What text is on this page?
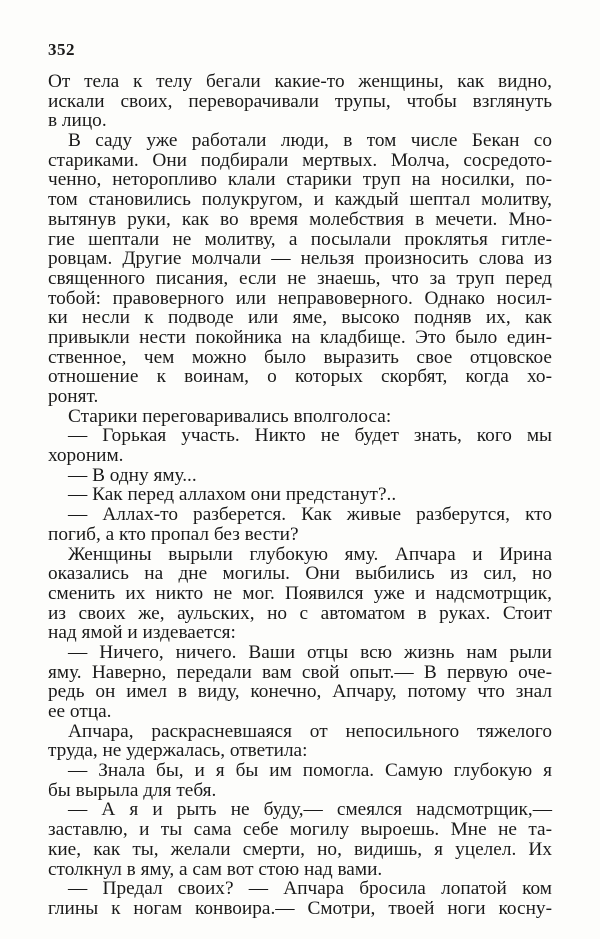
352
От тела к телу бегали какие-то женщины, как видно,
искали своих, переворачивали трупы, чтобы взглянуть
в лицо.
В саду уже работали люди, в том числе Бекан со
стариками. Они подбирали мертвых. Молча, сосредото-
ченно, неторопливо клали старики труп на носилки, по-
том становились полукругом, и каждый шептал молитву,
вытянув руки, как во время молебствия в мечети. Мно-
гие шептали не молитву, а посылали проклятья гитле-
ровцам. Другие молчали — нельзя произносить слова из
священного писания, если не знаешь, что за труп перед
тобой: правоверного или неправоверного. Однако носил-
ки несли к подводе или яме, высоко подняв их, как
привыкли нести покойника на кладбище. Это было един-
ственное, чем можно было выразить свое отцовское
отношение к воинам, о которых скорбят, когда хо-
ронят.
Старики переговаривались вполголоса:
— Горькая участь. Никто не будет знать, кого мы
хороним.
— В одну яму...
— Как перед аллахом они предстанут?..
— Аллах-то разберется. Как живые разберутся, кто
погиб, а кто пропал без вести?
Женщины вырыли глубокую яму. Апчара и Ирина
оказались на дне могилы. Они выбились из сил, но
сменить их никто не мог. Появился уже и надсмотрщик,
из своих же, аульских, но с автоматом в руках. Стоит
над ямой и издевается:
— Ничего, ничего. Ваши отцы всю жизнь нам рыли
яму. Наверно, передали вам свой опыт.— В первую оче-
редь он имел в виду, конечно, Апчару, потому что знал
ее отца.
Апчара, раскрасневшаяся от непосильного тяжелого
труда, не удержалась, ответила:
— Знала бы, и я бы им помогла. Самую глубокую я
бы вырыла для тебя.
— А я и рыть не буду,— смеялся надсмотрщик,—
заставлю, и ты сама себе могилу выроешь. Мне не та-
кие, как ты, желали смерти, но, видишь, я уцелел. Их
столкнул в яму, а сам вот стою над вами.
— Предал своих? — Апчара бросила лопатой ком
глины к ногам конвоира.— Смотри, твоей ноги косну-
